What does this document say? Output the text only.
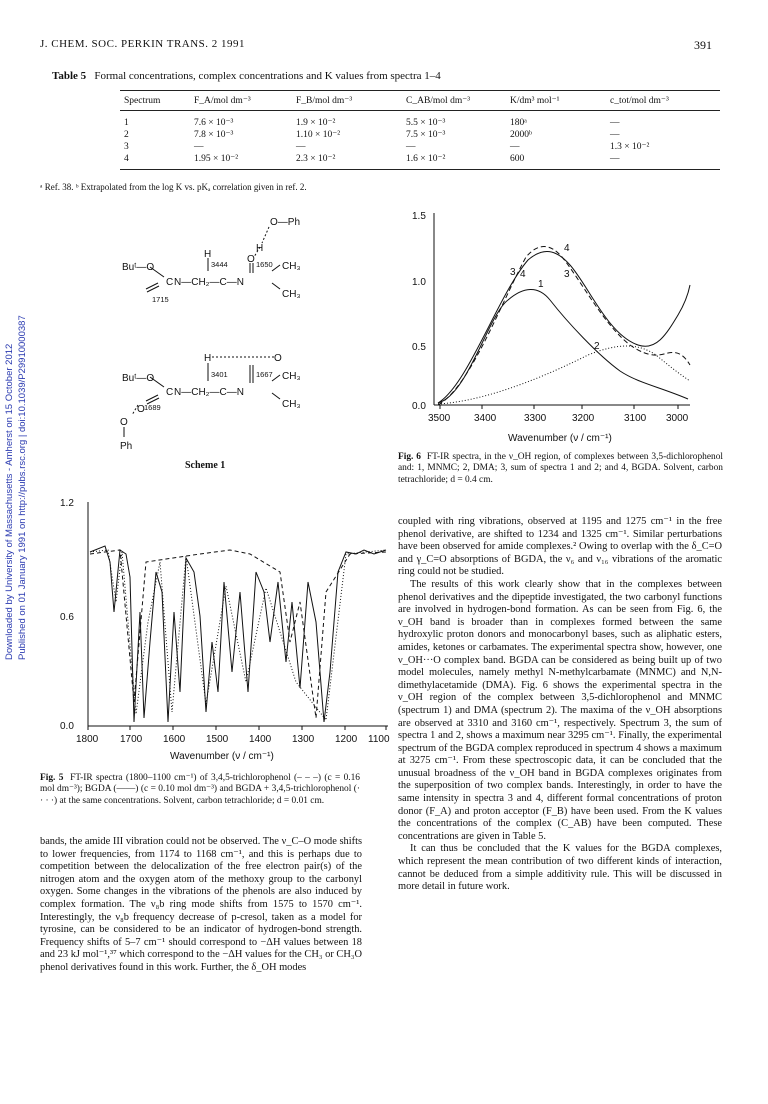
J. CHEM. SOC. PERKIN TRANS. 2 1991	391
Downloaded by University of Massachusetts - Amherst on 15 October 2012 Published on 01 January 1991 on http://pubs.rsc.org | doi:10.1039/P29910000387
Table 5 Formal concentrations, complex concentrations and K values from spectra 1–4
Spectrum	F_A/mol dm⁻³	F_B/mol dm⁻³	C_AB/mol dm⁻³	K/dm³ mol⁻¹	c_tot/mol dm⁻³
1	7.6 × 10⁻³	1.9 × 10⁻²	5.5 × 10⁻³	180ᵃ	—
2	7.8 × 10⁻³	1.10 × 10⁻²	7.5 × 10⁻³	2000ᵇ	—
3	—	—	—	—	1.3 × 10⁻²
4	1.95 × 10⁻²	2.3 × 10⁻²	1.6 × 10⁻²	600	—
ᵃ Ref. 38. ᵇ Extrapolated from the log K vs. pKₐ correlation given in ref. 2.
O—Ph
H
H
Buᵗ—O
C N—CH₂—C—N
O
1715
3444	1650 CH₃
CH₃
H	O
Buᵗ—O
C N—CH₂—C—N
O 1689
3401	1667 CH₃
CH₃
O
Ph
Scheme 1
1.2
0.6
0.0
1800 1700 1600 1500 1400 1300 1200 1100
Wavenumber (ν / cm⁻¹)
Fig. 5 FT-IR spectra (1800–1100 cm⁻¹) of 3,4,5-trichlorophenol (– – –) (c = 0.16 mol dm⁻³); BGDA (——) (c = 0.10 mol dm⁻³) and BGDA + 3,4,5-trichlorophenol (· · · ·) at the same concentrations. Solvent, carbon tetrachloride; d = 0.01 cm.

bands, the amide III vibration could not be observed. The ν_C–O mode shifts to lower frequencies, from 1174 to 1168 cm⁻¹, and this is perhaps due to competition between the delocalization of the free electron pair(s) of the nitrogen atom and the oxygen atom of the methoxy group to the carbonyl oxygen. Some changes in the vibrations of the phenols are also induced by complex formation. The ν₈b ring mode shifts from 1575 to 1570 cm⁻¹. Interestingly, the ν₈b frequency decrease of p-cresol, taken as a model for tyrosine, can be considered to be an indicator of hydrogen-bond strength. Frequency shifts of 5–7 cm⁻¹ should correspond to −ΔH values between 18 and 23 kJ mol⁻¹,³⁷ which correspond to the −ΔH values for the CH₃ or CH₃O phenol derivatives found in this work. Further, the δ_OH modes

1.5
1.0
0.5
0.0
3500 3400	3300	3200	3100 3000
Wavenumber (ν / cm⁻¹)
1
2
3	3
4
4
Fig. 6 FT-IR spectra, in the ν_OH region, of complexes between 3,5-dichlorophenol and: 1, MNMC; 2, DMA; 3, sum of spectra 1 and 2; and 4, BGDA. Solvent, carbon tetrachloride; d = 0.4 cm.

coupled with ring vibrations, observed at 1195 and 1275 cm⁻¹ in the free phenol derivative, are shifted to 1234 and 1325 cm⁻¹. Similar perturbations have been observed for amide complexes.² Owing to overlap with the δ_C=O and γ_C=O absorptions of BGDA, the ν₆ and ν₁₆ vibrations of the aromatic ring could not be studied.

The results of this work clearly show that in the complexes between phenol derivatives and the dipeptide investigated, the two carbonyl functions are involved in hydrogen-bond formation. As can be seen from Fig. 6, the ν_OH band is broader than in complexes formed between the same hydroxylic proton donors and monocarbonyl bases, such as aliphatic esters, amides, ketones or carbamates. The experimental spectra show, however, one ν_OH···O complex band. BGDA can be considered as being built up of two model molecules, namely methyl N-methylcarbamate (MNMC) and N,N-dimethylacetamide (DMA). Fig. 6 shows the experimental spectra in the ν_OH region of the complex between 3,5-dichlorophenol and MNMC (spectrum 1) and DMA (spectrum 2). The maxima of the ν_OH absorptions are observed at 3310 and 3160 cm⁻¹, respectively. Spectrum 3, the sum of spectra 1 and 2, shows a maximum near 3295 cm⁻¹. Finally, the experimental spectrum of the BGDA complex reproduced in spectrum 4 shows a maximum at 3275 cm⁻¹. From these spectroscopic data, it can be concluded that the unusual broadness of the ν_OH band in BGDA complexes originates from the superposition of two complex bands. Interestingly, in order to have the same intensity in spectra 3 and 4, different formal concentrations of proton donor (F_A) and proton acceptor (F_B) have been used. From the K values the concentrations of the complex (C_AB) have been computed. These concentrations are given in Table 5.

It can thus be concluded that the K values for the BGDA complexes, which represent the mean contribution of two different kinds of interaction, cannot be deduced from a simple additivity rule. This will be discussed in more detail in future work.
